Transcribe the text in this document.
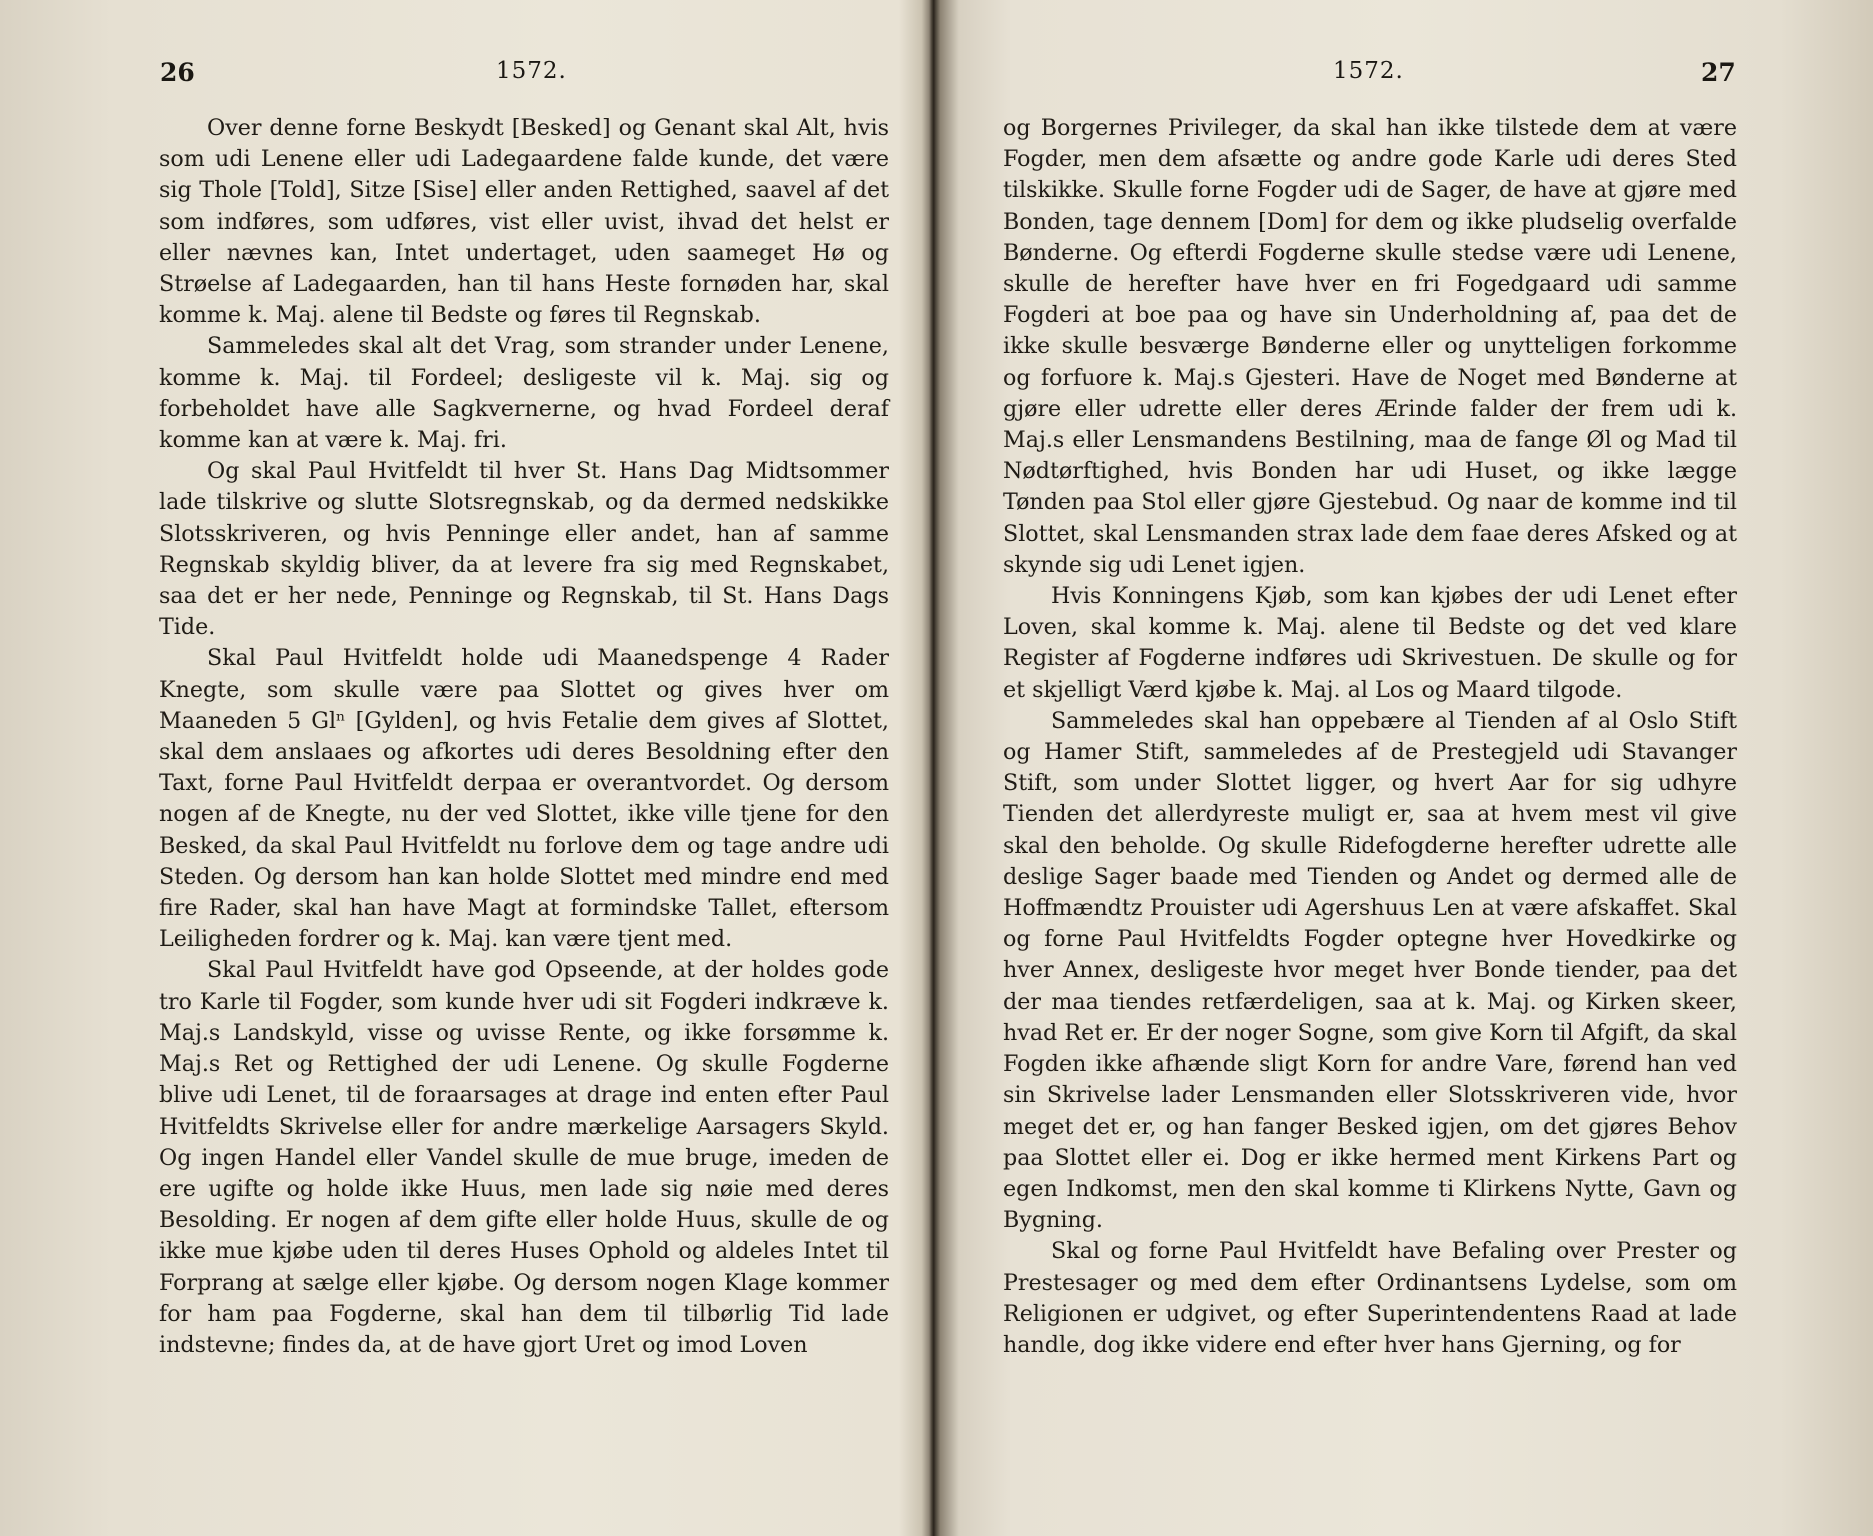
26	1572.

Over denne forne Beskydt [Besked] og Genant skal Alt, hvis som udi Lenene eller udi Ladegaardene falde kunde, det være sig Thole [Told], Sitze [Sise] eller anden Rettighed, saavel af det som indføres, som udføres, vist eller uvist, ihvad det helst er eller nævnes kan, Intet undertaget, uden saameget Hø og Strøelse af Ladegaarden, han til hans Heste fornøden har, skal komme k. Maj. alene til Bedste og føres til Regnskab.

Sammeledes skal alt det Vrag, som strander under Lenene, komme k. Maj. til Fordeel; desligeste vil k. Maj. sig og forbeholdet have alle Sagkvernerne, og hvad Fordeel deraf komme kan at være k. Maj. fri.

Og skal Paul Hvitfeldt til hver St. Hans Dag Midtsommer lade tilskrive og slutte Slotsregnskab, og da dermed nedskikke Slotsskriveren, og hvis Penninge eller andet, han af samme Regnskab skyldig bliver, da at levere fra sig med Regnskabet, saa det er her nede, Penninge og Regnskab, til St. Hans Dags Tide.

Skal Paul Hvitfeldt holde udi Maanedspenge 4 Rader Knegte, som skulle være paa Slottet og gives hver om Maaneden 5 Glⁿ [Gylden], og hvis Fetalie dem gives af Slottet, skal dem anslaaes og afkortes udi deres Besoldning efter den Taxt, forne Paul Hvitfeldt derpaa er overantvordet. Og dersom nogen af de Knegte, nu der ved Slottet, ikke ville tjene for den Besked, da skal Paul Hvitfeldt nu forlove dem og tage andre udi Steden. Og dersom han kan holde Slottet med mindre end med fire Rader, skal han have Magt at formindske Tallet, eftersom Leiligheden fordrer og k. Maj. kan være tjent med.

Skal Paul Hvitfeldt have god Opseende, at der holdes gode tro Karle til Fogder, som kunde hver udi sit Fogderi indkræve k. Maj.s Landskyld, visse og uvisse Rente, og ikke forsømme k. Maj.s Ret og Rettighed der udi Lenene. Og skulle Fogderne blive udi Lenet, til de foraarsages at drage ind enten efter Paul Hvitfeldts Skrivelse eller for andre mærkelige Aarsagers Skyld. Og ingen Handel eller Vandel skulle de mue bruge, imeden de ere ugifte og holde ikke Huus, men lade sig nøie med deres Besolding. Er nogen af dem gifte eller holde Huus, skulle de og ikke mue kjøbe uden til deres Huses Ophold og aldeles Intet til Forprang at sælge eller kjøbe. Og dersom nogen Klage kommer for ham paa Fogderne, skal han dem til tilbørlig Tid lade indstevne; findes da, at de have gjort Uret og imod Loven

1572.	27

og Borgernes Privileger, da skal han ikke tilstede dem at være Fogder, men dem afsætte og andre gode Karle udi deres Sted tilskikke. Skulle forne Fogder udi de Sager, de have at gjøre med Bonden, tage dennem [Dom] for dem og ikke pludselig overfalde Bønderne. Og efterdi Fogderne skulle stedse være udi Lenene, skulle de herefter have hver en fri Fogedgaard udi samme Fogderi at boe paa og have sin Underholdning af, paa det de ikke skulle besværge Bønderne eller og unytteligen forkomme og forfuore k. Maj.s Gjesteri. Have de Noget med Bønderne at gjøre eller udrette eller deres Ærinde falder der frem udi k. Maj.s eller Lensmandens Bestilning, maa de fange Øl og Mad til Nødtørftighed, hvis Bonden har udi Huset, og ikke lægge Tønden paa Stol eller gjøre Gjestebud. Og naar de komme ind til Slottet, skal Lensmanden strax lade dem faae deres Afsked og at skynde sig udi Lenet igjen.

Hvis Konningens Kjøb, som kan kjøbes der udi Lenet efter Loven, skal komme k. Maj. alene til Bedste og det ved klare Register af Fogderne indføres udi Skrivestuen. De skulle og for et skjelligt Værd kjøbe k. Maj. al Los og Maard tilgode.

Sammeledes skal han oppebære al Tienden af al Oslo Stift og Hamer Stift, sammeledes af de Prestegjeld udi Stavanger Stift, som under Slottet ligger, og hvert Aar for sig udhyre Tienden det allerdyreste muligt er, saa at hvem mest vil give skal den beholde. Og skulle Ridefogderne herefter udrette alle deslige Sager baade med Tienden og Andet og dermed alle de Hoffmændtz Prouister udi Agershuus Len at være afskaffet. Skal og forne Paul Hvitfeldts Fogder optegne hver Hovedkirke og hver Annex, desligeste hvor meget hver Bonde tiender, paa det der maa tiendes retfærdeligen, saa at k. Maj. og Kirken skeer, hvad Ret er. Er der noger Sogne, som give Korn til Afgift, da skal Fogden ikke afhænde sligt Korn for andre Vare, førend han ved sin Skrivelse lader Lensmanden eller Slotsskriveren vide, hvor meget det er, og han fanger Besked igjen, om det gjøres Behov paa Slottet eller ei. Dog er ikke hermed ment Kirkens Part og egen Indkomst, men den skal komme ti Klirkens Nytte, Gavn og Bygning.

Skal og forne Paul Hvitfeldt have Befaling over Prester og Prestesager og med dem efter Ordinantsens Lydelse, som om Religionen er udgivet, og efter Superintendentens Raad at lade handle, dog ikke videre end efter hver hans Gjerning, og for
